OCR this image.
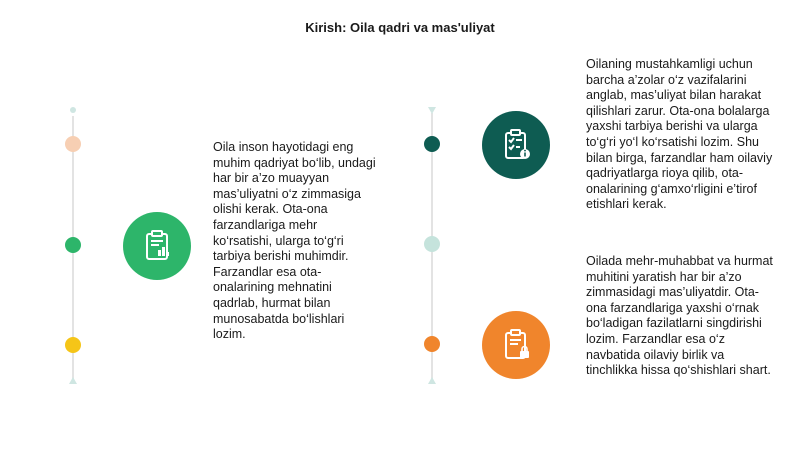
Kirish: Oila qadri va mas'uliyat
Oila inson hayotidagi eng muhim qadriyat bo‘lib, undagi har bir a’zo muayyan mas’uliyatni o‘z zimmasiga olishi kerak. Ota-ona farzandlariga mehr ko‘rsatishi, ularga to‘g‘ri tarbiya berishi muhimdir. Farzandlar esa ota-onalarining mehnatini qadrlab, hurmat bilan munosabatda bo‘lishlari lozim.
Oilaning mustahkamligi uchun barcha a’zolar o‘z vazifalarini anglab, mas’uliyat bilan harakat qilishlari zarur. Ota-ona bolalarga yaxshi tarbiya berishi va ularga to‘g‘ri yo‘l ko‘rsatishi lozim. Shu bilan birga, farzandlar ham oilaviy qadriyatlarga rioya qilib, ota-onalarining g‘amxo‘rligini e’tirof etishlari kerak.
Oilada mehr-muhabbat va hurmat muhitini yaratish har bir a’zo zimmasidagi mas’uliyatdir. Ota-ona farzandlariga yaxshi o‘rnak bo‘ladigan fazilatlarni singdirishi lozim. Farzandlar esa o‘z navbatida oilaviy birlik va tinchlikka hissa qo‘shishlari shart.
